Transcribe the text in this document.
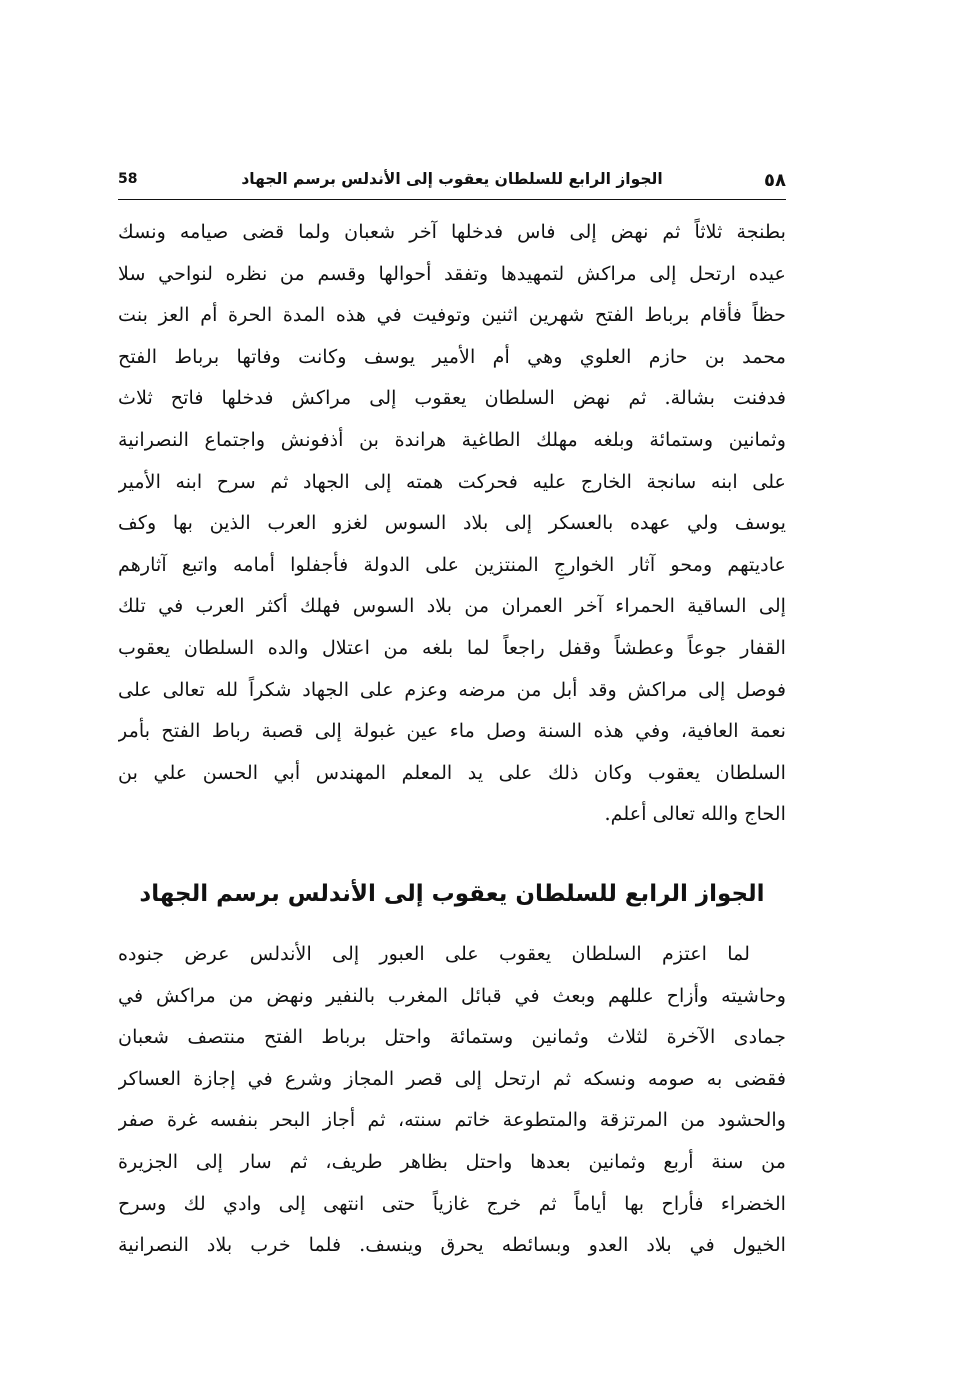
٥٨
الجواز الرابع للسلطان يعقوب إلى الأندلس برسم الجهاد
58

بطنجة ثلاثاً ثم نهض إلى فاس فدخلها آخر شعبان ولما قضى صيامه ونسك
عيده ارتحل إلى مراكش لتمهيدها وتفقد أحوالها وقسم من نظره لنواحي سلا
حظاً فأقام برباط الفتح شهرين اثنين وتوفيت في هذه المدة الحرة أم العز بنت
محمد بن حازم العلوي وهي أم الأمير يوسف وكانت وفاتها برباط الفتح
فدفنت بشالة. ثم نهض السلطان يعقوب إلى مراكش فدخلها فاتح ثلاث
وثمانين وستمائة وبلغه مهلك الطاغية هراندة بن أذفونش واجتماع النصرانية
على ابنه سانجة الخارج عليه فحركت همته إلى الجهاد ثم سرح ابنه الأمير
يوسف ولي عهده بالعسكر إلى بلاد السوس لغزو العرب الذين بها وكف
عاديتهم ومحو آثار الخوارجِ المنتزين على الدولة فأجفلوا أمامه واتبع آثارهم
إلى الساقية الحمراء آخر العمران من بلاد السوس فهلك أكثر العرب في تلك
القفار جوعاً وعطشاً وقفل راجعاً لما بلغه من اعتلال والده السلطان يعقوب
فوصل إلى مراكش وقد أبل من مرضه وعزم على الجهاد شكراً لله تعالى على
نعمة العافية، وفي هذه السنة وصل ماء عين غبولة إلى قصبة رباط الفتح بأمر
السلطان يعقوب وكان ذلك على يد المعلم المهندس أبي الحسن علي بن
الحاج والله تعالى أعلم.

الجواز الرابع للسلطان يعقوب إلى الأندلس برسم الجهاد

لما اعتزم السلطان يعقوب على العبور إلى الأندلس عرض جنوده
وحاشيته وأزاح عللهم وبعث في قبائل المغرب بالنفير ونهض من مراكش في
جمادى الآخرة لثلاث وثمانين وستمائة واحتل برباط الفتح منتصف شعبان
فقضى به صومه ونسكه ثم ارتحل إلى قصر المجاز وشرع في إجازة العساكر
والحشود من المرتزقة والمتطوعة خاتم سنته، ثم أجاز البحر بنفسه غرة صفر
من سنة أربع وثمانين بعدها واحتل بظاهر طريف، ثم سار إلى الجزيرة
الخضراء فأراح بها أياماً ثم خرج غازياً حتى انتهى إلى وادي لك وسرح
الخيول في بلاد العدو وبسائطه يحرق وينسف. فلما خرب بلاد النصرانية
